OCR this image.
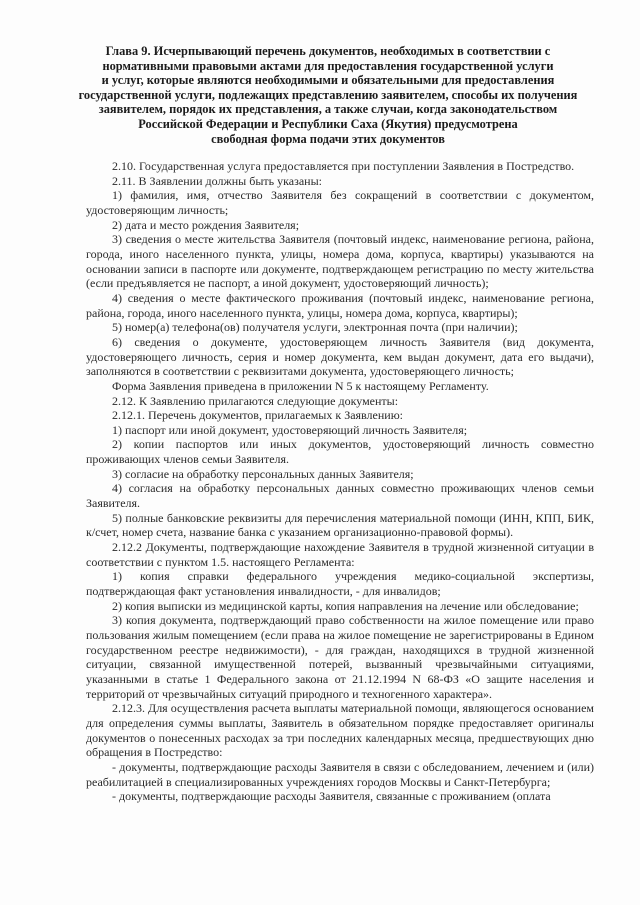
Глава 9. Исчерпывающий перечень документов, необходимых в соответствии с
нормативными правовыми актами для предоставления государственной услуги
и услуг, которые являются необходимыми и обязательными для предоставления
государственной услуги, подлежащих представлению заявителем, способы их получения
заявителем, порядок их представления, а также случаи, когда законодательством
Российской Федерации и Республики Саха (Якутия) предусмотрена
свободная форма подачи этих документов

2.10. Государственная услуга предоставляется при поступлении Заявления в Постредство.

2.11. В Заявлении должны быть указаны:

1) фамилия, имя, отчество Заявителя без сокращений в соответствии с документом, удостоверяющим личность;

2) дата и место рождения Заявителя;

3) сведения о месте жительства Заявителя (почтовый индекс, наименование региона, района, города, иного населенного пункта, улицы, номера дома, корпуса, квартиры) указываются на основании записи в паспорте или документе, подтверждающем регистрацию по месту жительства (если предъявляется не паспорт, а иной документ, удостоверяющий личность);

4) сведения о месте фактического проживания (почтовый индекс, наименование региона, района, города, иного населенного пункта, улицы, номера дома, корпуса, квартиры);

5) номер(а) телефона(ов) получателя услуги, электронная почта (при наличии);

6) сведения о документе, удостоверяющем личность Заявителя (вид документа, удостоверяющего личность, серия и номер документа, кем выдан документ, дата его выдачи), заполняются в соответствии с реквизитами документа, удостоверяющего личность;

Форма Заявления приведена в приложении N 5 к настоящему Регламенту.

2.12. К Заявлению прилагаются следующие документы:

2.12.1. Перечень документов, прилагаемых к Заявлению:

1) паспорт или иной документ, удостоверяющий личность Заявителя;

2) копии паспортов или иных документов, удостоверяющий личность совместно проживающих членов семьи Заявителя.

3) согласие на обработку персональных данных Заявителя;

4) согласия на обработку персональных данных совместно проживающих членов семьи Заявителя.

5) полные банковские реквизиты для перечисления материальной помощи (ИНН, КПП, БИК, к/счет, номер счета, название банка с указанием организационно-правовой формы).

2.12.2 Документы, подтверждающие нахождение Заявителя в трудной жизненной ситуации в соответствии с пунктом 1.5. настоящего Регламента:

1) копия справки федерального учреждения медико-социальной экспертизы, подтверждающая факт установления инвалидности, - для инвалидов;

2) копия выписки из медицинской карты, копия направления на лечение или обследование;

3) копия документа, подтверждающий право собственности на жилое помещение или право пользования жилым помещением (если права на жилое помещение не зарегистрированы в Едином государственном реестре недвижимости), - для граждан, находящихся в трудной жизненной ситуации, связанной имущественной потерей, вызванный чрезвычайными ситуациями, указанными в статье 1 Федерального закона от 21.12.1994 N 68-ФЗ «О защите населения и территорий от чрезвычайных ситуаций природного и техногенного характера».

2.12.3. Для осуществления расчета выплаты материальной помощи, являющегося основанием для определения суммы выплаты, Заявитель в обязательном порядке предоставляет оригиналы документов о понесенных расходах за три последних календарных месяца, предшествующих дню обращения в Постредство:

- документы, подтверждающие расходы Заявителя в связи с обследованием, лечением и (или) реабилитацией в специализированных учреждениях городов Москвы и Санкт-Петербурга;

- документы, подтверждающие расходы Заявителя, связанные с проживанием (оплата
